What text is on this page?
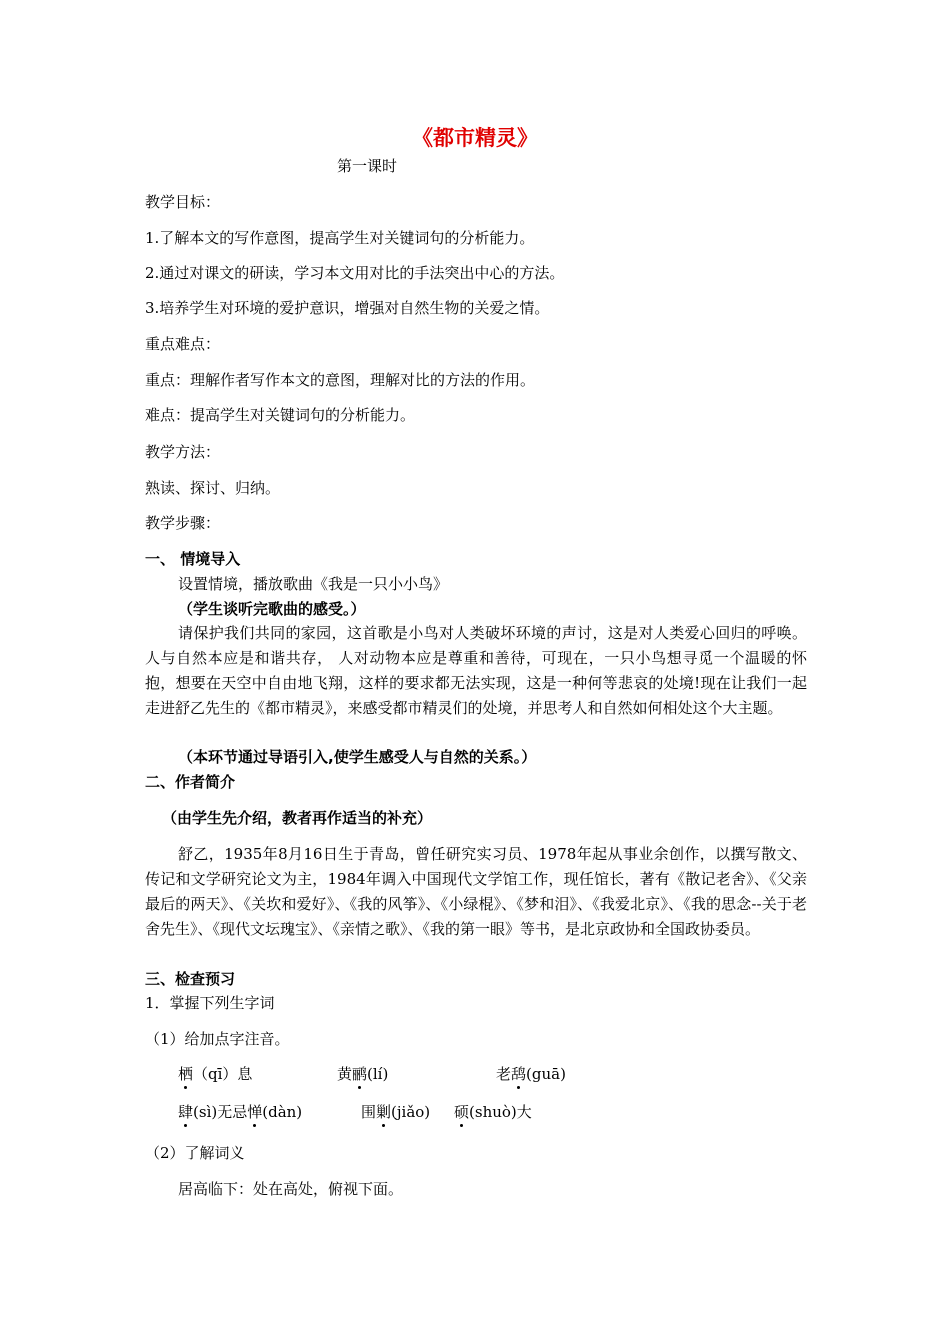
《都市精灵》
第一课时
教学目标：
1.了解本文的写作意图，提高学生对关键词句的分析能力。
2.通过对课文的研读，学习本文用对比的手法突出中心的方法。
3.培养学生对环境的爱护意识，增强对自然生物的关爱之情。
重点难点：
重点：理解作者写作本文的意图，理解对比的方法的作用。
难点：提高学生对关键词句的分析能力。
教学方法：
熟读、探讨、归纳。
教学步骤：
一、 情境导入
设置情境，播放歌曲《我是一只小小鸟》
（学生谈听完歌曲的感受。）
请保护我们共同的家园，这首歌是小鸟对人类破坏环境的声讨，这是对人类爱心回归的呼唤。人与自然本应是和谐共存， 人对动物本应是尊重和善待，可现在，一只小鸟想寻觅一个温暖的怀抱，想要在天空中自由地飞翔，这样的要求都无法实现，这是一种何等悲哀的处境!现在让我们一起走进舒乙先生的《都市精灵》，来感受都市精灵们的处境，并思考人和自然如何相处这个大主题。
（本环节通过导语引入,使学生感受人与自然的关系。）
二、作者简介
（由学生先介绍，教者再作适当的补充）
舒乙，1935年8月16日生于青岛，曾任研究实习员、1978年起从事业余创作，以撰写散文、传记和文学研究论文为主，1984年调入中国现代文学馆工作，现任馆长，著有《散记老舍》、《父亲最后的两天》、《关坎和爱好》、《我的风筝》、《小绿棍》、《梦和泪》、《我爱北京》、《我的思念--关于老舍先生》、《现代文坛瑰宝》、《亲情之歌》、《我的第一眼》等书，是北京政协和全国政协委员。
三、检查预习
1．掌握下列生字词
（1）给加点字注音。
栖（qī）息	黄鹂(lí)	老鸹(guā)
肆(sì)无忌惮(dàn)	围剿(jiǎo) 硕(shuò)大
（2）了解词义
居高临下：处在高处，俯视下面。
